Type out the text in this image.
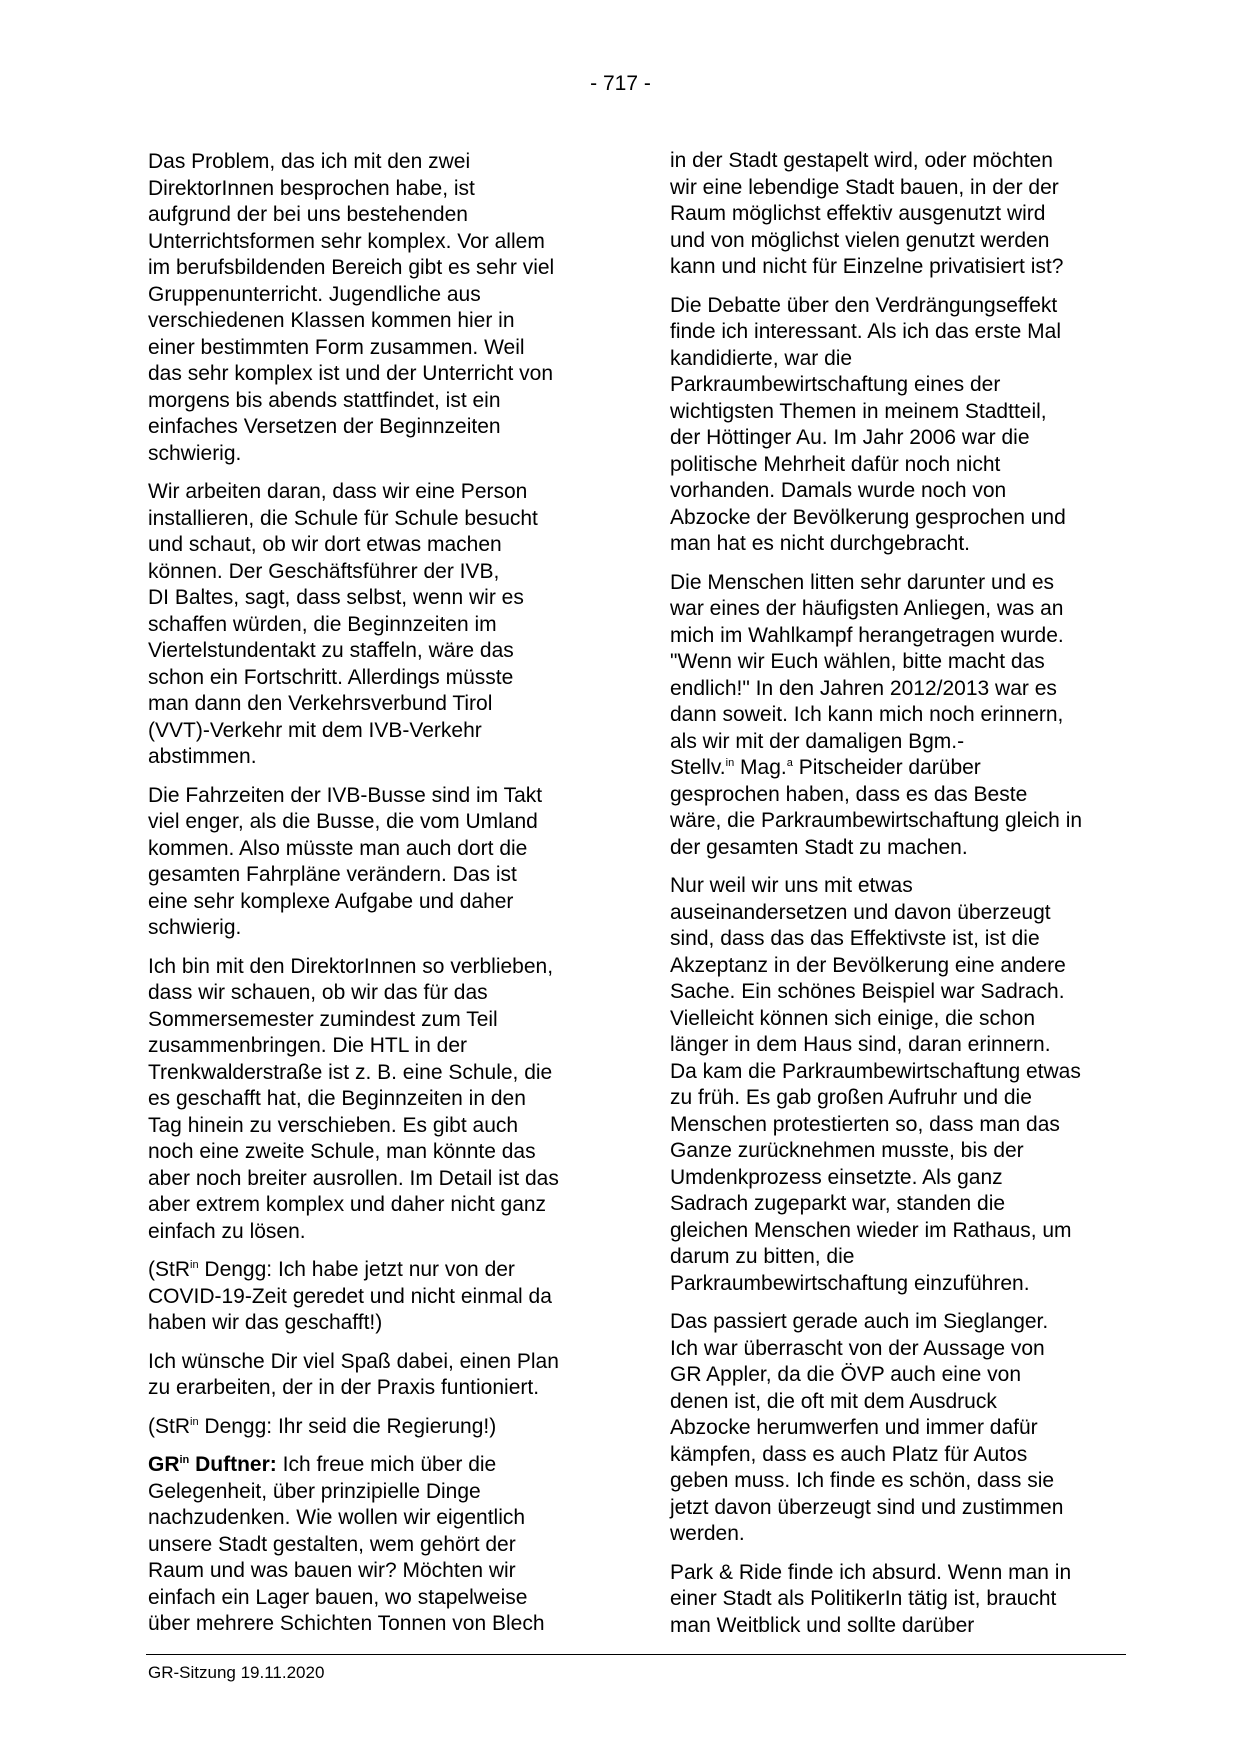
- 717 -

Das Problem, das ich mit den zwei
DirektorInnen besprochen habe, ist
aufgrund der bei uns bestehenden
Unterrichtsformen sehr komplex. Vor allem
im berufsbildenden Bereich gibt es sehr viel
Gruppenunterricht. Jugendliche aus
verschiedenen Klassen kommen hier in
einer bestimmten Form zusammen. Weil
das sehr komplex ist und der Unterricht von
morgens bis abends stattfindet, ist ein
einfaches Versetzen der Beginnzeiten
schwierig.

Wir arbeiten daran, dass wir eine Person
installieren, die Schule für Schule besucht
und schaut, ob wir dort etwas machen
können. Der Geschäftsführer der IVB,
DI Baltes, sagt, dass selbst, wenn wir es
schaffen würden, die Beginnzeiten im
Viertelstundentakt zu staffeln, wäre das
schon ein Fortschritt. Allerdings müsste
man dann den Verkehrsverbund Tirol
(VVT)-Verkehr mit dem IVB-Verkehr
abstimmen.

Die Fahrzeiten der IVB-Busse sind im Takt
viel enger, als die Busse, die vom Umland
kommen. Also müsste man auch dort die
gesamten Fahrpläne verändern. Das ist
eine sehr komplexe Aufgabe und daher
schwierig.

Ich bin mit den DirektorInnen so verblieben,
dass wir schauen, ob wir das für das
Sommersemester zumindest zum Teil
zusammenbringen. Die HTL in der
Trenkwalderstraße ist z. B. eine Schule, die
es geschafft hat, die Beginnzeiten in den
Tag hinein zu verschieben. Es gibt auch
noch eine zweite Schule, man könnte das
aber noch breiter ausrollen. Im Detail ist das
aber extrem komplex und daher nicht ganz
einfach zu lösen.

(StR$^{in}$ Dengg: Ich habe jetzt nur von der
COVID-19-Zeit geredet und nicht einmal da
haben wir das geschafft!)

Ich wünsche Dir viel Spaß dabei, einen Plan
zu erarbeiten, der in der Praxis funtioniert.

(StR$^{in}$ Dengg: Ihr seid die Regierung!)

$GR^{in}$ Duftner: Ich freue mich über die
Gelegenheit, über prinzipielle Dinge
nachzudenken. Wie wollen wir eigentlich
unsere Stadt gestalten, wem gehört der
Raum und was bauen wir? Möchten wir
einfach ein Lager bauen, wo stapelweise
über mehrere Schichten Tonnen von Blech

in der Stadt gestapelt wird, oder möchten
wir eine lebendige Stadt bauen, in der der
Raum möglichst effektiv ausgenutzt wird
und von möglichst vielen genutzt werden
kann und nicht für Einzelne privatisiert ist?

Die Debatte über den Verdrängungseffekt
finde ich interessant. Als ich das erste Mal
kandidierte, war die
Parkraumbewirtschaftung eines der
wichtigsten Themen in meinem Stadtteil,
der Höttinger Au. Im Jahr 2006 war die
politische Mehrheit dafür noch nicht
vorhanden. Damals wurde noch von
Abzocke der Bevölkerung gesprochen und
man hat es nicht durchgebracht.

Die Menschen litten sehr darunter und es
war eines der häufigsten Anliegen, was an
mich im Wahlkampf herangetragen wurde.
"Wenn wir Euch wählen, bitte macht das
endlich!" In den Jahren 2012/2013 war es
dann soweit. Ich kann mich noch erinnern,
als wir mit der damaligen Bgm.-
Stellv.$^{in}$ Mag.$^a$ Pitscheider darüber
gesprochen haben, dass es das Beste
wäre, die Parkraumbewirtschaftung gleich in
der gesamten Stadt zu machen.

Nur weil wir uns mit etwas
auseinandersetzen und davon überzeugt
sind, dass das das Effektivste ist, ist die
Akzeptanz in der Bevölkerung eine andere
Sache. Ein schönes Beispiel war Sadrach.
Vielleicht können sich einige, die schon
länger in dem Haus sind, daran erinnern.
Da kam die Parkraumbewirtschaftung etwas
zu früh. Es gab großen Aufruhr und die
Menschen protestierten so, dass man das
Ganze zurücknehmen musste, bis der
Umdenkprozess einsetzte. Als ganz
Sadrach zugeparkt war, standen die
gleichen Menschen wieder im Rathaus, um
darum zu bitten, die
Parkraumbewirtschaftung einzuführen.

Das passiert gerade auch im Sieglanger.
Ich war überrascht von der Aussage von
GR Appler, da die ÖVP auch eine von
denen ist, die oft mit dem Ausdruck
Abzocke herumwerfen und immer dafür
kämpfen, dass es auch Platz für Autos
geben muss. Ich finde es schön, dass sie
jetzt davon überzeugt sind und zustimmen
werden.

Park & Ride finde ich absurd. Wenn man in
einer Stadt als PolitikerIn tätig ist, braucht
man Weitblick und sollte darüber

GR-Sitzung 19.11.2020
